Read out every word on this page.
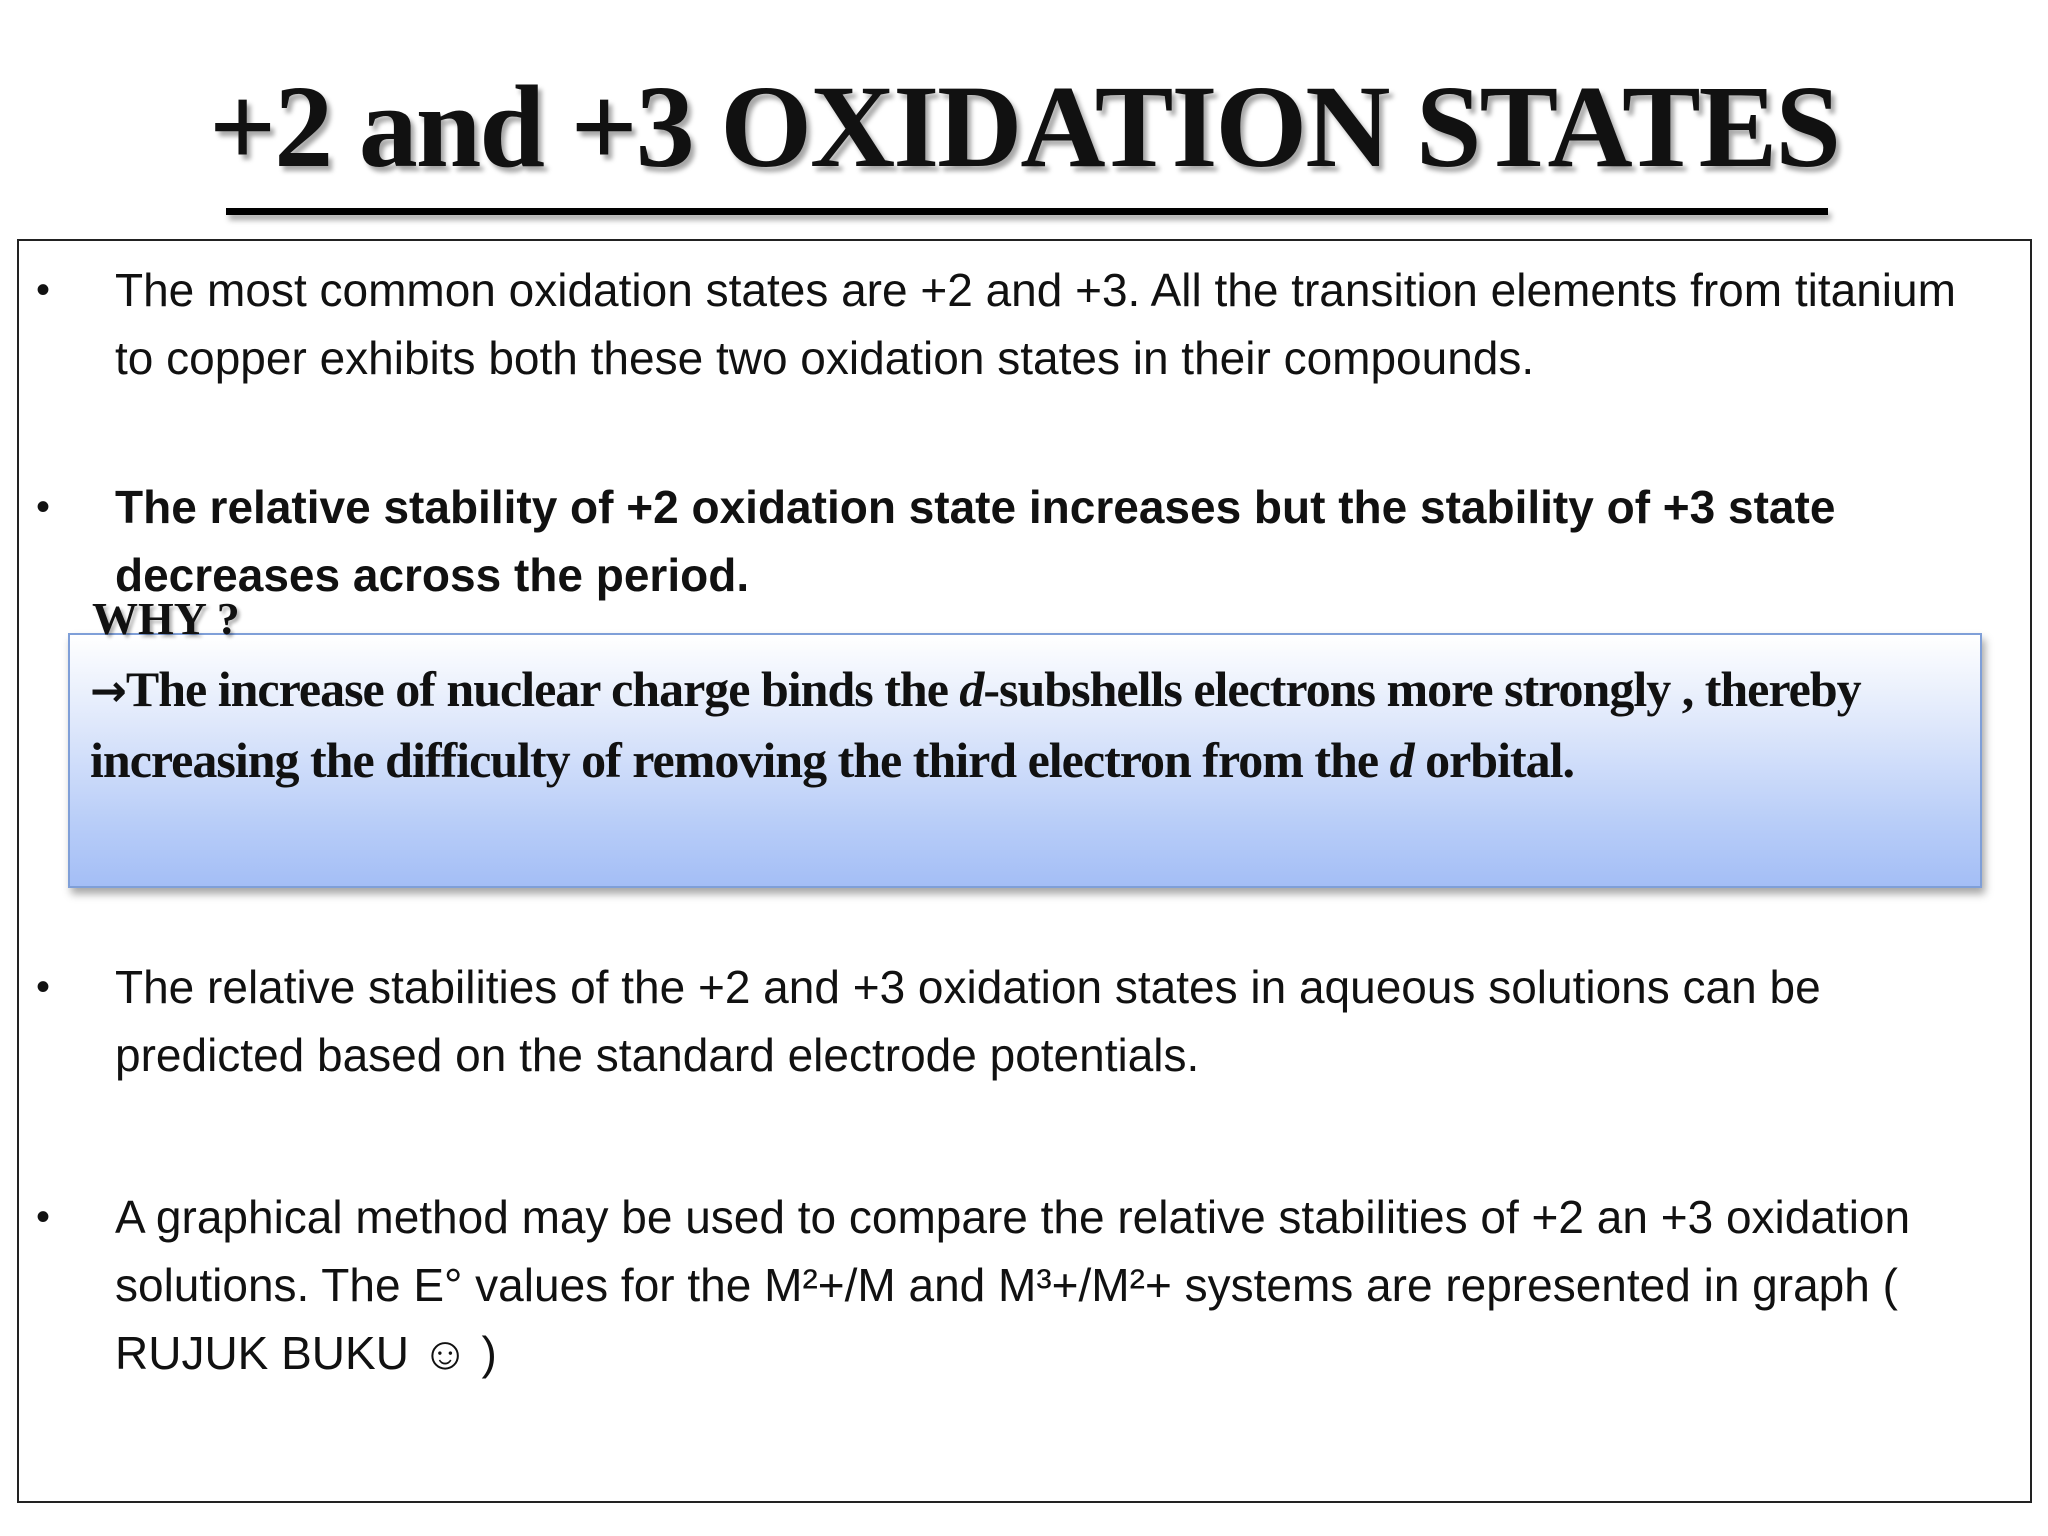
+2 and +3 OXIDATION STATES
•	The most common oxidation states are +2 and +3. All the transition elements from titanium to copper exhibits both these two oxidation states in their compounds.
•	The relative stability of +2 oxidation state increases but the stability of +3 state decreases across the period.
→The increase of nuclear charge binds the d-subshells electrons more strongly , thereby increasing the difficulty of removing the third electron from the d orbital.
WHY ?
•	The relative stabilities of the +2 and +3 oxidation states in aqueous solutions can be predicted based on the standard electrode potentials.
•	A graphical method may be used to compare the relative stabilities of +2 an +3 oxidation solutions. The E° values for the M²+/M and M³+/M²+ systems are represented in graph ( RUJUK BUKU ☺ )
